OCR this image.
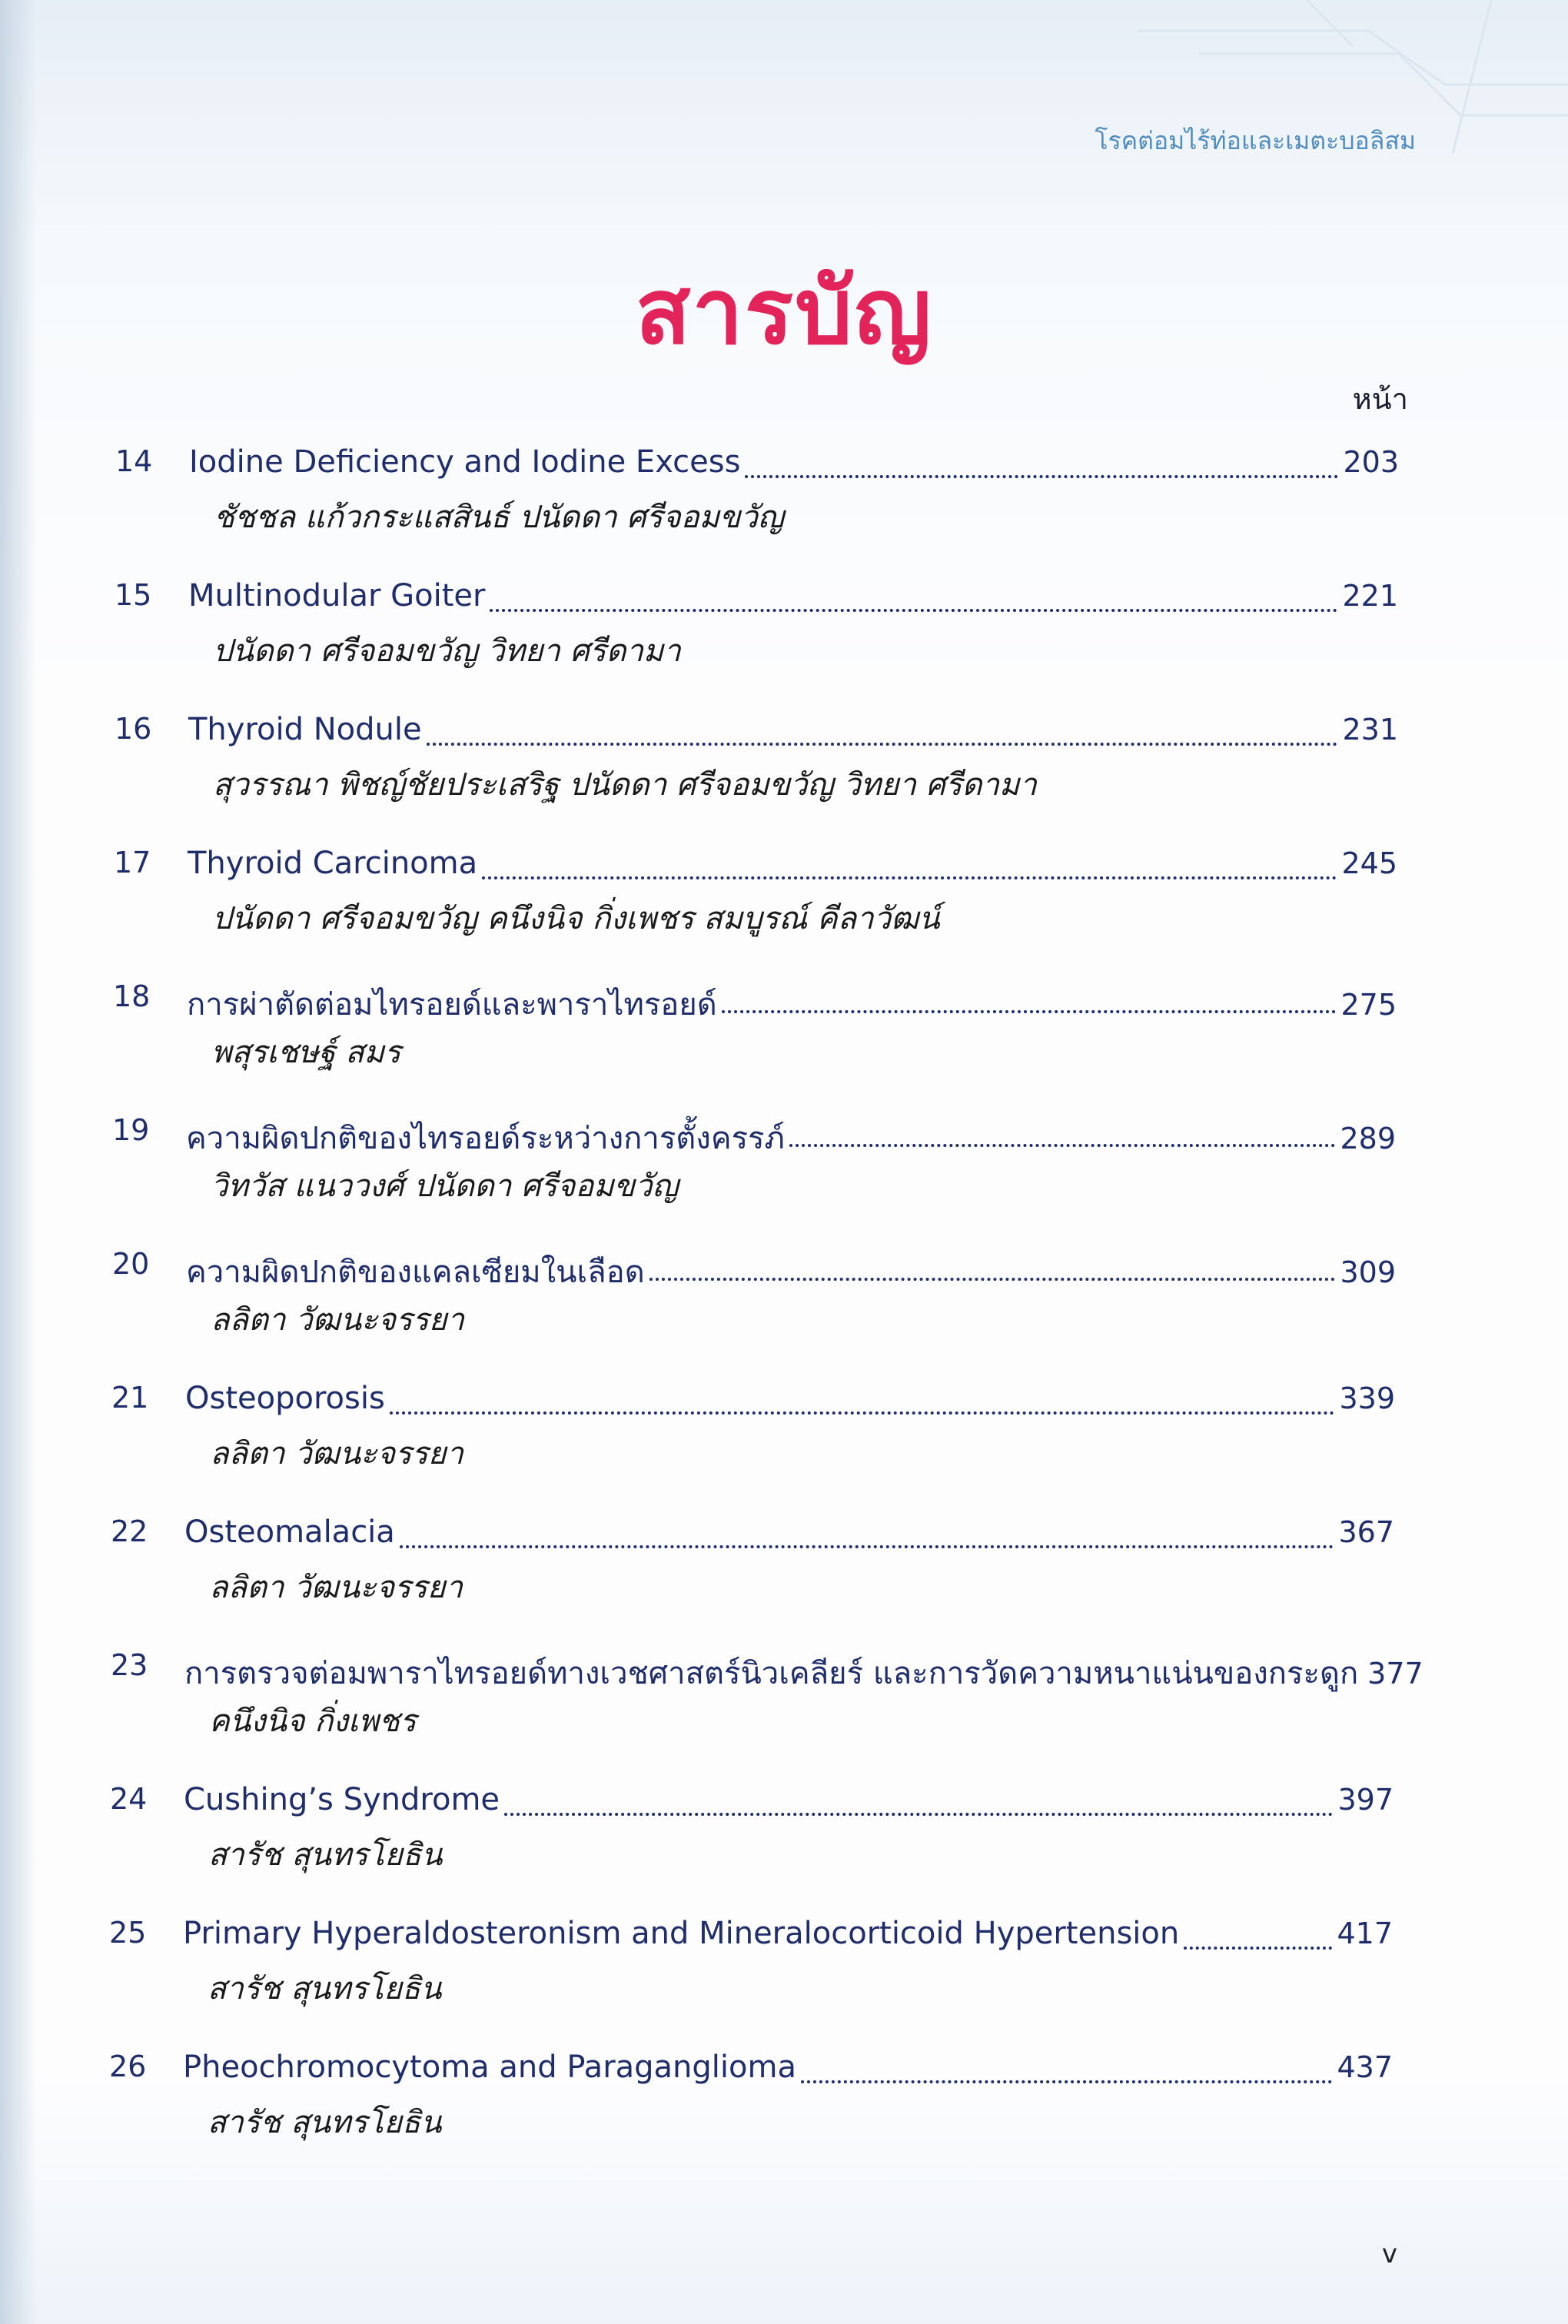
โรคต่อมไร้ท่อและเมตะบอลิสม
สารบัญ
หน้า
14	Iodine Deficiency and Iodine Excess	203
ชัชชล แก้วกระแสสินธ์ ปนัดดา ศรีจอมขวัญ
15	Multinodular Goiter	221
ปนัดดา ศรีจอมขวัญ วิทยา ศรีดามา
16	Thyroid Nodule	231
สุวรรณา พิชญ์ชัยประเสริฐ ปนัดดา ศรีจอมขวัญ วิทยา ศรีดามา
17	Thyroid Carcinoma	245
ปนัดดา ศรีจอมขวัญ คนึงนิจ กิ่งเพชร สมบูรณ์ คีลาวัฒน์
18	การผ่าตัดต่อมไทรอยด์และพาราไทรอยด์	275
พสุรเชษฐ์ สมร
19	ความผิดปกติของไทรอยด์ระหว่างการตั้งครรภ์	289
วิทวัส แนววงศ์ ปนัดดา ศรีจอมขวัญ
20	ความผิดปกติของแคลเซียมในเลือด	309
ลลิตา วัฒนะจรรยา
21	Osteoporosis	339
ลลิตา วัฒนะจรรยา
22	Osteomalacia	367
ลลิตา วัฒนะจรรยา
23	การตรวจต่อมพาราไทรอยด์ทางเวชศาสตร์นิวเคลียร์ และการวัดความหนาแน่นของกระดูก 377
คนึงนิจ กิ่งเพชร
24	Cushing’s Syndrome	397
สารัช สุนทรโยธิน
25	Primary Hyperaldosteronism and Mineralocorticoid Hypertension	417
สารัช สุนทรโยธิน
26	Pheochromocytoma and Paraganglioma	437
สารัช สุนทรโยธิน
v
